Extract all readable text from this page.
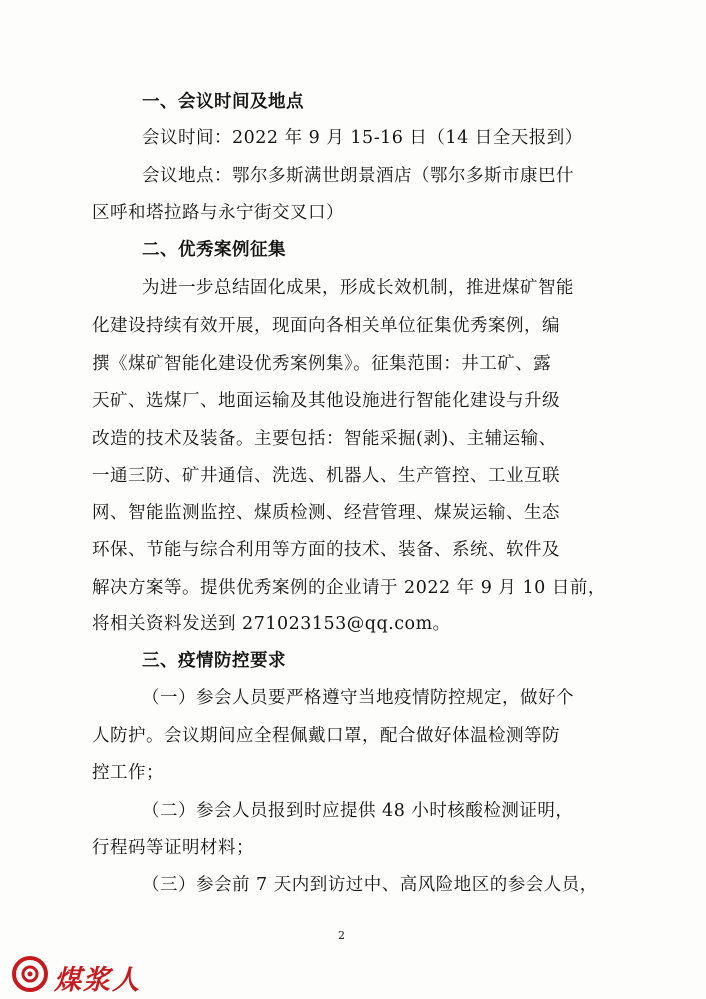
一、会议时间及地点
会议时间：2022 年 9 月 15-16 日（14 日全天报到）
会议地点：鄂尔多斯满世朗景酒店（鄂尔多斯市康巴什
区呼和塔拉路与永宁街交叉口）
二、优秀案例征集
为进一步总结固化成果，形成长效机制，推进煤矿智能
化建设持续有效开展，现面向各相关单位征集优秀案例，编
撰《煤矿智能化建设优秀案例集》。征集范围：井工矿、露
天矿、选煤厂、地面运输及其他设施进行智能化建设与升级
改造的技术及装备。主要包括：智能采掘(剥)、主辅运输、
一通三防、矿井通信、洗选、机器人、生产管控、工业互联
网、智能监测监控、煤质检测、经营管理、煤炭运输、生态
环保、节能与综合利用等方面的技术、装备、系统、软件及
解决方案等。提供优秀案例的企业请于 2022 年 9 月 10 日前，
将相关资料发送到 271023153@qq.com。
三、疫情防控要求
（一）参会人员要严格遵守当地疫情防控规定，做好个
人防护。会议期间应全程佩戴口罩，配合做好体温检测等防
控工作；
（二）参会人员报到时应提供 48 小时核酸检测证明，
行程码等证明材料；
（三）参会前 7 天内到访过中、高风险地区的参会人员，
2
煤浆人
